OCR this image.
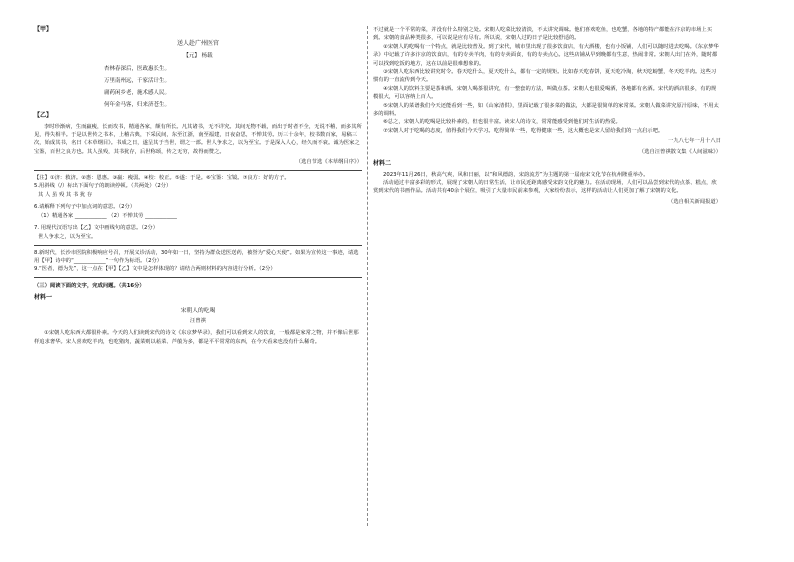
【甲】
送人赴广州医官
【元】 杨载
杏林春深后，医政惠长生。
万里南州远，千家活计生。
庸药闲乡老，施术感人民。
何年金马客，归来济苍生。
【乙】

李时珍渐病，生而羸瘦，长而攻书，精通各家，颇有所长。凡其诸书，无不详究。其间无物不载，而出于时者不全，无说不稽，而多其所见，得失相半。于是以世传之书本，上稽古典，下采民间，东至江浙，南至福建，日夜奋思，不惮其劳。历三十余年，校书数百家，易稿三次，始成其书，名曰《本草纲目》。书成之日，遂呈其于当世，谓之一部。世人争求之，以为至宝。于是深入人心，经久而不衰。诚为医家之宝鉴，百世之良方也。其人虽殁，其书犹存，后世称颂，传之无穷，故得而赞之。

（选自节选《本草纲目序》）

【注】①济：救济。②惠：恩惠。③羸：瘦弱。④校：校正。⑤遂：于是。⑥宝鉴：宝镜。⑦良方：好的方子。

5.用斜线（/）标出下面句子的朗读停顿。（共两处）（2分）

其 人 虽 殁 其 书 犹 存

6.请解释下列句子中加点词的意思。（2分）

（1）精通各家 ____________ （2）不惮其劳 ____________

7. 用现代汉语写出【乙】文中画线句的意思。（2分）

世人争求之，以为至宝。

8.新时代，长沙市医院积极响应号召，开展义诊活动，30年如一日，坚持为群众送医送药，被誉为“爱心天使”。如果为宣传这一事迹，请选用【甲】诗中的“____________”一句作为标语。（2分）

9.“医者，德为先”，这一点在【甲】【乙】文中是怎样体现的？请结合两则材料的内容进行分析。（2分）

（三）阅读下面的文字，完成问题。（共16分）
材料一
宋朝人的吃喝
汪曾祺

①宋朝人吃东西大都很朴素。今天的人们读到宋代的诗文《东京梦华录》，我们可以看到宋人的饮食，一般都是家常之物，并不像后世那样追求奢华。宋人喜欢吃羊肉，也吃猪肉，蔬菜则以菘菜、芦菔为多，都是平平常常的东西，在今天看来也没有什么稀奇。

不过就是一个平常的菜，并没有什么特别之处。宋朝人吃菜比较清淡，不太讲究调味。他们喜欢吃鱼，也吃蟹，各地的特产都能在汴京的市场上买到。宋朝的食品种类很多，可以说是应有尽有。所以说，宋朝人过的日子是比较舒适的。

②宋朝人的吃喝有一个特点，就是比较普及。到了宋代，城市里出现了很多饮食店，有大酒楼，也有小饭铺，人们可以随时进去吃喝。《东京梦华录》中记载了许多汴京的饮食店，有的专卖羊肉，有的专卖面食，有的专卖点心。这些店铺从早到晚都有生意，热闹非常。宋朝人出门在外，随时都可以找到吃饭的地方，这在以前是很难想象的。

③宋朝人吃东西比较讲究时令。春天吃什么，夏天吃什么，都有一定的规矩。比如春天吃春饼，夏天吃冷淘，秋天吃螃蟹，冬天吃羊肉。这些习惯有的一直流传到今天。

④宋朝人的饮料主要是茶和酒。宋朝人喝茶很讲究，有一整套的方法，叫做点茶。宋朝人也很爱喝酒，各地都有名酒。宋代的酒店很多，有的规模很大，可以容纳上百人。

⑤宋朝人的菜谱我们今天还能看到一些，如《山家清供》，里面记载了很多菜的做法，大都是很简单的家常菜。宋朝人做菜讲究原汁原味，不用太多的调料。

⑥总之，宋朝人的吃喝是比较朴素的，但也很丰富。读宋人的诗文，常常能感受到他们对生活的热爱。

⑦宋朝人对于吃喝的态度，值得我们今天学习。吃得简单一些，吃得健康一些，这大概也是宋人留给我们的一点启示吧。

一九八七年一月十八日
（选自汪曾祺散文集《人间滋味》）
材料二

2023年11月26日，秋高气爽，风和日丽，以“和风德韵，宋韵流芳”为主题的第一届南宋文化节在杭州隆重举办。

活动通过丰富多彩的形式，展现了宋朝人的日常生活，让市民近距离感受宋韵文化的魅力。在活动现场，人们可以品尝到宋代的点茶、糕点，欣赏到宋代的书画作品。活动共有40余个展位，吸引了大量市民前来参观，大家纷纷表示，这样的活动让人们更加了解了宋朝的文化。

（选自相关新闻报道）
